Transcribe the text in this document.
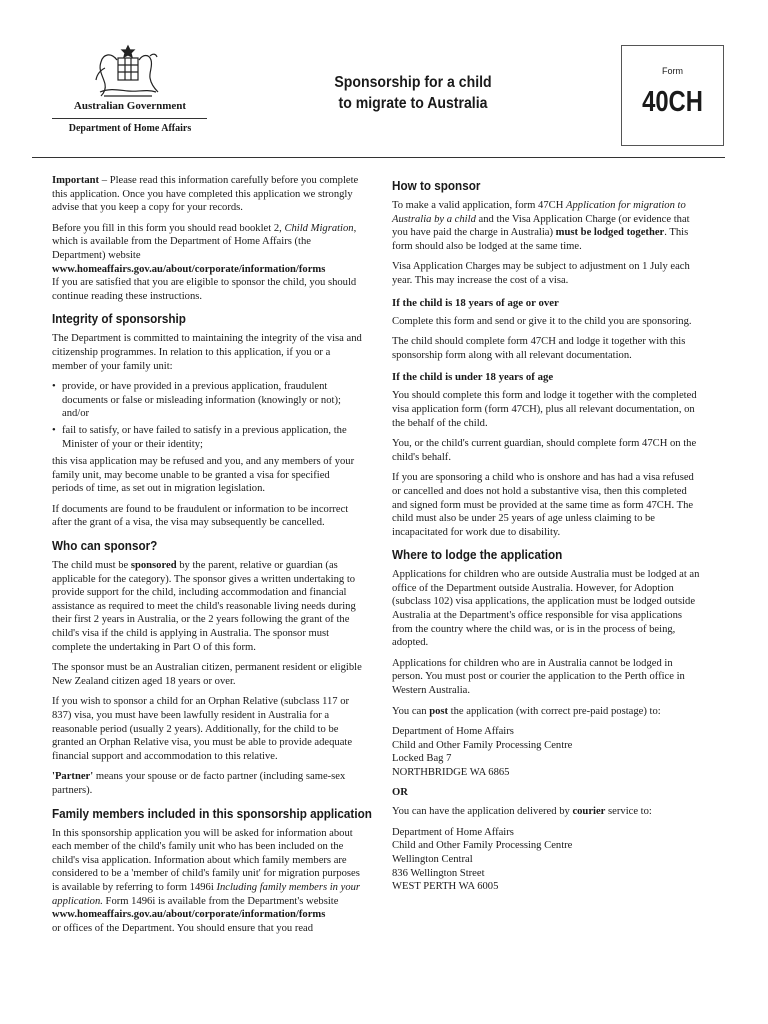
Australian Government
Department of Home Affairs
Sponsorship for a child
to migrate to Australia
Form
40CH

Important – Please read this information carefully before you complete this application. Once you have completed this application we strongly advise that you keep a copy for your records.

Before you fill in this form you should read booklet 2, Child Migration, which is available from the Department of Home Affairs (the Department) website
www.homeaffairs.gov.au/about/corporate/information/forms
If you are satisfied that you are eligible to sponsor the child, you should continue reading these instructions.

Integrity of sponsorship

The Department is committed to maintaining the integrity of the visa and citizenship programmes. In relation to this application, if you or a member of your family unit:

• provide, or have provided in a previous application, fraudulent documents or false or misleading information (knowingly or not); and/or
• fail to satisfy, or have failed to satisfy in a previous application, the Minister of your or their identity;

this visa application may be refused and you, and any members of your family unit, may become unable to be granted a visa for specified periods of time, as set out in migration legislation.

If documents are found to be fraudulent or information to be incorrect after the grant of a visa, the visa may subsequently be cancelled.

Who can sponsor?

The child must be sponsored by the parent, relative or guardian (as applicable for the category). The sponsor gives a written undertaking to provide support for the child, including accommodation and financial assistance as required to meet the child's reasonable living needs during their first 2 years in Australia, or the 2 years following the grant of the child's visa if the child is applying in Australia. The sponsor must complete the undertaking in Part O of this form.

The sponsor must be an Australian citizen, permanent resident or eligible New Zealand citizen aged 18 years or over.

If you wish to sponsor a child for an Orphan Relative (subclass 117 or 837) visa, you must have been lawfully resident in Australia for a reasonable period (usually 2 years). Additionally, for the child to be granted an Orphan Relative visa, you must be able to provide adequate financial support and accommodation to this relative.

'Partner' means your spouse or de facto partner (including same-sex partners).

Family members included in this sponsorship application

In this sponsorship application you will be asked for information about each member of the child's family unit who has been included on the child's visa application. Information about which family members are considered to be a 'member of child's family unit' for migration purposes is available by referring to form 1496i Including family members in your application. Form 1496i is available from the Department's website
www.homeaffairs.gov.au/about/corporate/information/forms
or offices of the Department. You should ensure that you read

How to sponsor

To make a valid application, form 47CH Application for migration to Australia by a child and the Visa Application Charge (or evidence that you have paid the charge in Australia) must be lodged together. This form should also be lodged at the same time.

Visa Application Charges may be subject to adjustment on 1 July each year. This may increase the cost of a visa.

If the child is 18 years of age or over

Complete this form and send or give it to the child you are sponsoring.

The child should complete form 47CH and lodge it together with this sponsorship form along with all relevant documentation.

If the child is under 18 years of age

You should complete this form and lodge it together with the completed visa application form (form 47CH), plus all relevant documentation, on the behalf of the child.

You, or the child's current guardian, should complete form 47CH on the child's behalf.

If you are sponsoring a child who is onshore and has had a visa refused or cancelled and does not hold a substantive visa, then this completed and signed form must be provided at the same time as form 47CH. The child must also be under 25 years of age unless claiming to be incapacitated for work due to disability.

Where to lodge the application

Applications for children who are outside Australia must be lodged at an office of the Department outside Australia. However, for Adoption (subclass 102) visa applications, the application must be lodged outside Australia at the Department's office responsible for visa applications from the country where the child was, or is in the process of being, adopted.

Applications for children who are in Australia cannot be lodged in person. You must post or courier the application to the Perth office in Western Australia.

You can post the application (with correct pre-paid postage) to:

Department of Home Affairs
Child and Other Family Processing Centre
Locked Bag 7
NORTHBRIDGE WA 6865
OR

You can have the application delivered by courier service to:

Department of Home Affairs
Child and Other Family Processing Centre
Wellington Central
836 Wellington Street
WEST PERTH WA 6005
